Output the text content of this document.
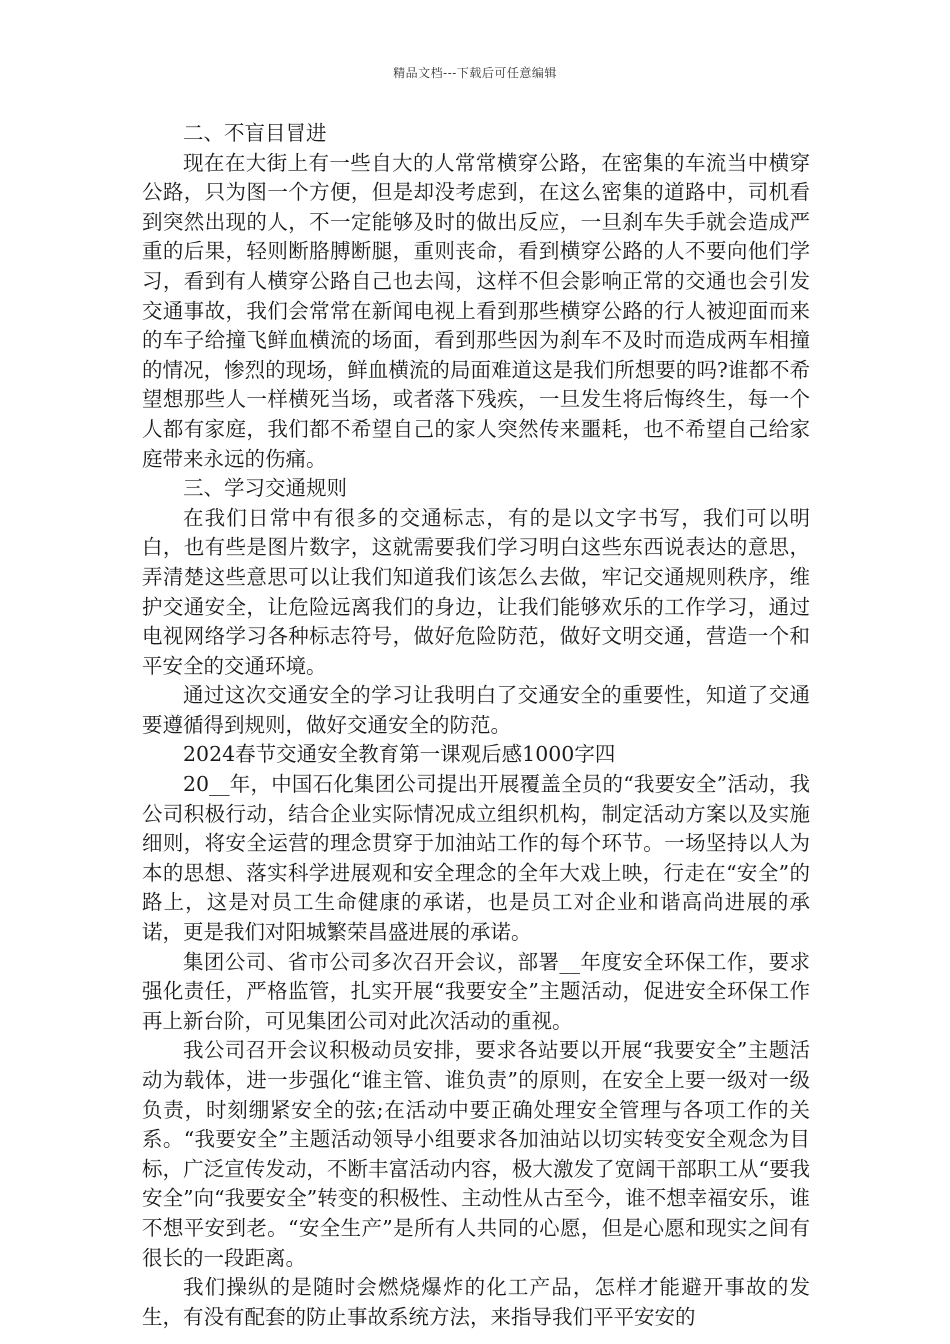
精品文档---下载后可任意编辑

二、不盲目冒进

现在在大街上有一些自大的人常常横穿公路，在密集的车流当中横穿公路，只为图一个方便，但是却没考虑到，在这么密集的道路中，司机看到突然出现的人，不一定能够及时的做出反应，一旦刹车失手就会造成严重的后果，轻则断胳膊断腿，重则丧命，看到横穿公路的人不要向他们学习，看到有人横穿公路自己也去闯，这样不但会影响正常的交通也会引发交通事故，我们会常常在新闻电视上看到那些横穿公路的行人被迎面而来的车子给撞飞鲜血横流的场面，看到那些因为刹车不及时而造成两车相撞的情况，惨烈的现场，鲜血横流的局面难道这是我们所想要的吗?谁都不希望想那些人一样横死当场，或者落下残疾，一旦发生将后悔终生，每一个人都有家庭，我们都不希望自己的家人突然传来噩耗，也不希望自己给家庭带来永远的伤痛。

三、学习交通规则

在我们日常中有很多的交通标志，有的是以文字书写，我们可以明白，也有些是图片数字，这就需要我们学习明白这些东西说表达的意思，弄清楚这些意思可以让我们知道我们该怎么去做，牢记交通规则秩序，维护交通安全，让危险远离我们的身边，让我们能够欢乐的工作学习，通过电视网络学习各种标志符号，做好危险防范，做好文明交通，营造一个和平安全的交通环境。

通过这次交通安全的学习让我明白了交通安全的重要性，知道了交通要遵循得到规则，做好交通安全的防范。

2024春节交通安全教育第一课观后感1000字四

20__年，中国石化集团公司提出开展覆盖全员的“我要安全”活动，我公司积极行动，结合企业实际情况成立组织机构，制定活动方案以及实施细则，将安全运营的理念贯穿于加油站工作的每个环节。一场坚持以人为本的思想、落实科学进展观和安全理念的全年大戏上映，行走在“安全”的路上，这是对员工生命健康的承诺，也是员工对企业和谐高尚进展的承诺，更是我们对阳城繁荣昌盛进展的承诺。

集团公司、省市公司多次召开会议，部署__年度安全环保工作，要求强化责任，严格监管，扎实开展“我要安全”主题活动，促进安全环保工作再上新台阶，可见集团公司对此次活动的重视。

我公司召开会议积极动员安排，要求各站要以开展“我要安全”主题活动为载体，进一步强化“谁主管、谁负责”的原则，在安全上要一级对一级负责，时刻绷紧安全的弦;在活动中要正确处理安全管理与各项工作的关系。“我要安全”主题活动领导小组要求各加油站以切实转变安全观念为目标，广泛宣传发动，不断丰富活动内容，极大激发了宽阔干部职工从“要我安全”向“我要安全”转变的积极性、主动性从古至今，谁不想幸福安乐，谁不想平安到老。“安全生产”是所有人共同的心愿，但是心愿和现实之间有很长的一段距离。

我们操纵的是随时会燃烧爆炸的化工产品，怎样才能避开事故的发生，有没有配套的防止事故系统方法，来指导我们平平安安的
